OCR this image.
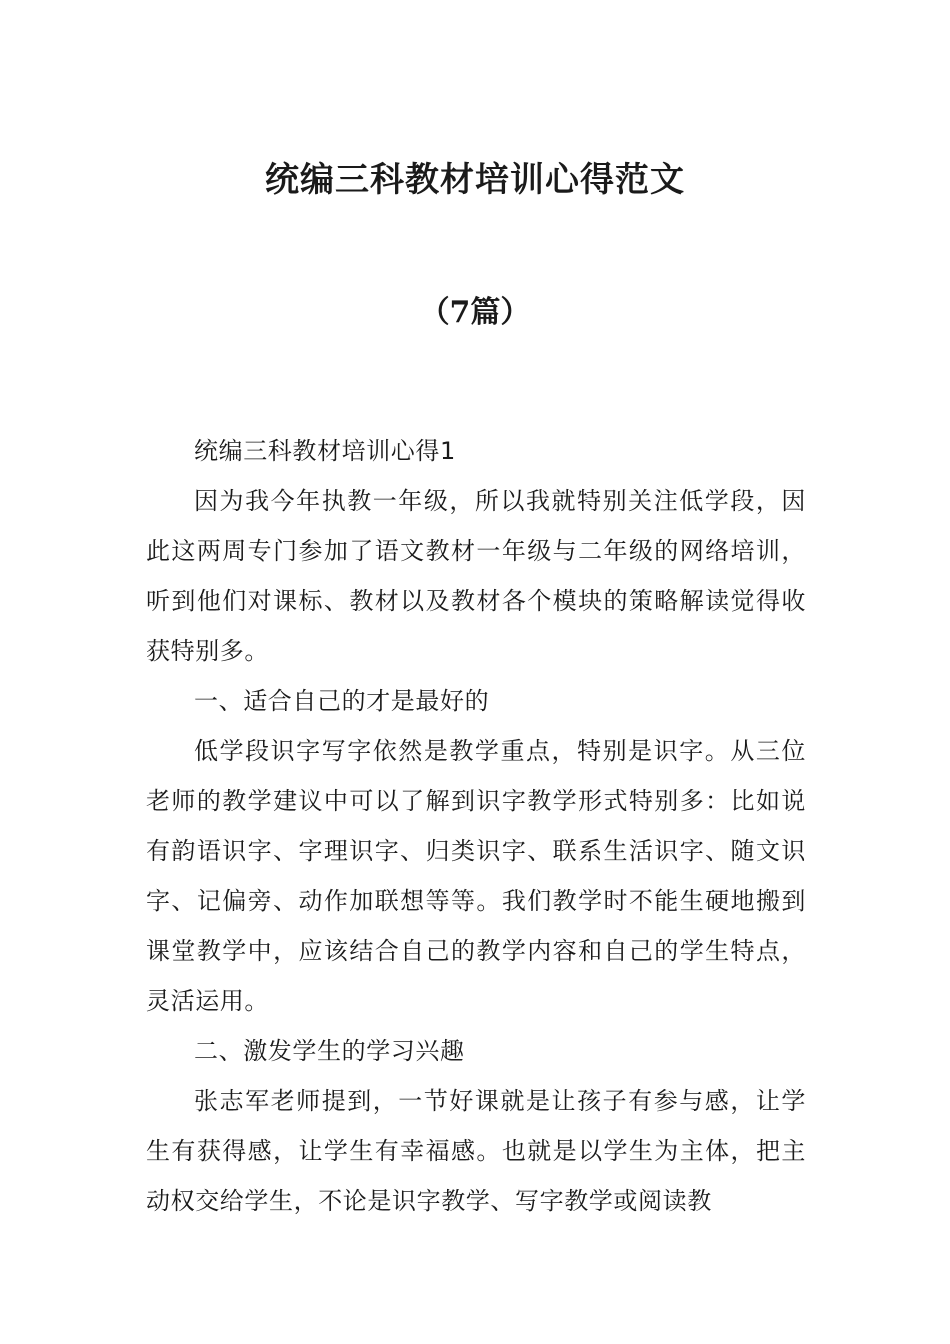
统编三科教材培训心得范文
（7篇）

统编三科教材培训心得1

因为我今年执教一年级，所以我就特别关注低学段，因此这两周专门参加了语文教材一年级与二年级的网络培训，听到他们对课标、教材以及教材各个模块的策略解读觉得收获特别多。

一、适合自己的才是最好的

低学段识字写字依然是教学重点，特别是识字。从三位老师的教学建议中可以了解到识字教学形式特别多：比如说有韵语识字、字理识字、归类识字、联系生活识字、随文识字、记偏旁、动作加联想等等。我们教学时不能生硬地搬到课堂教学中，应该结合自己的教学内容和自己的学生特点，灵活运用。

二、激发学生的学习兴趣

张志军老师提到，一节好课就是让孩子有参与感，让学生有获得感，让学生有幸福感。也就是以学生为主体，把主动权交给学生，不论是识字教学、写字教学或阅读教
